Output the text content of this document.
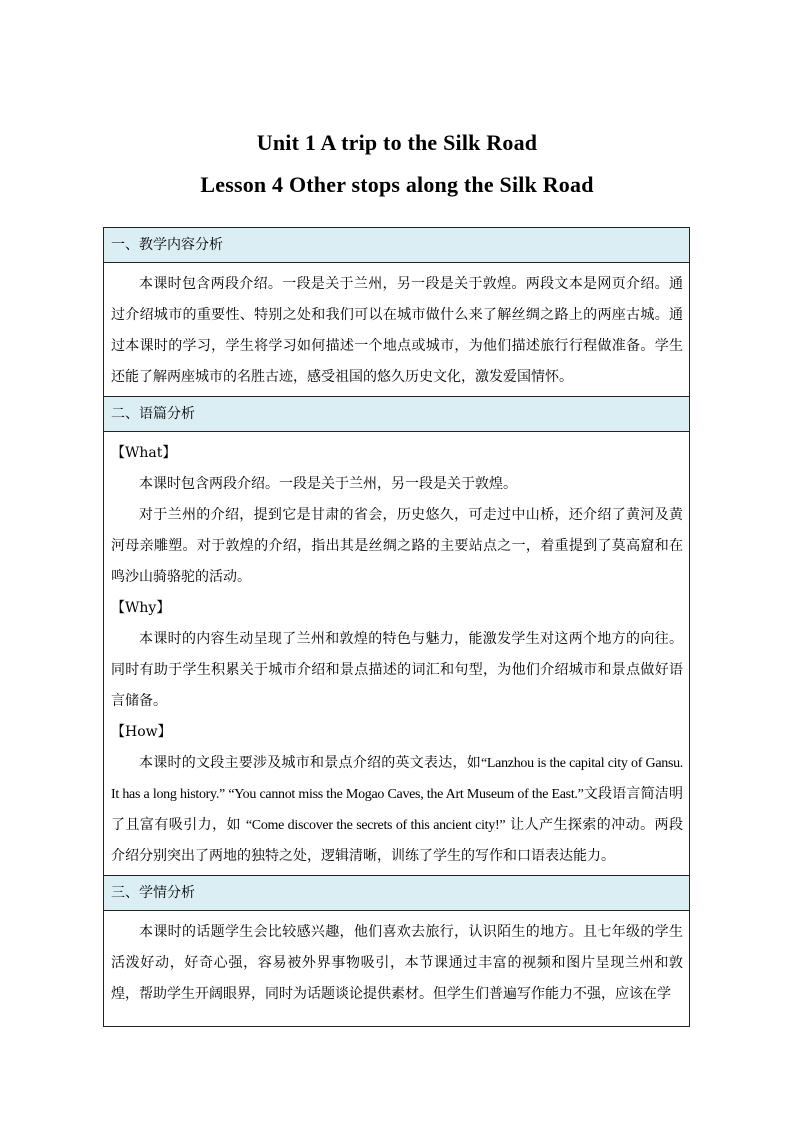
Unit 1 A trip to the Silk Road
Lesson 4 Other stops along the Silk Road
一、教学内容分析

本课时包含两段介绍。一段是关于兰州，另一段是关于敦煌。两段文本是网页介绍。通过介绍城市的重要性、特别之处和我们可以在城市做什么来了解丝绸之路上的两座古城。通过本课时的学习，学生将学习如何描述一个地点或城市，为他们描述旅行行程做准备。学生还能了解两座城市的名胜古迹，感受祖国的悠久历史文化，激发爱国情怀。

二、语篇分析

【What】

本课时包含两段介绍。一段是关于兰州，另一段是关于敦煌。

对于兰州的介绍，提到它是甘肃的省会，历史悠久，可走过中山桥，还介绍了黄河及黄河母亲雕塑。对于敦煌的介绍，指出其是丝绸之路的主要站点之一，着重提到了莫高窟和在鸣沙山骑骆驼的活动。

【Why】

本课时的内容生动呈现了兰州和敦煌的特色与魅力，能激发学生对这两个地方的向往。同时有助于学生积累关于城市介绍和景点描述的词汇和句型，为他们介绍城市和景点做好语言储备。

【How】

本课时的文段主要涉及城市和景点介绍的英文表达，如“Lanzhou is the capital city of Gansu. It has a long history.” “You cannot miss the Mogao Caves, the Art Museum of the East.”文段语言简洁明了且富有吸引力，如 “Come discover the secrets of this ancient city!” 让人产生探索的冲动。两段介绍分别突出了两地的独特之处，逻辑清晰，训练了学生的写作和口语表达能力。

三、学情分析

本课时的话题学生会比较感兴趣，他们喜欢去旅行，认识陌生的地方。且七年级的学生活泼好动，好奇心强，容易被外界事物吸引，本节课通过丰富的视频和图片呈现兰州和敦煌，帮助学生开阔眼界，同时为话题谈论提供素材。但学生们普遍写作能力不强，应该在学
